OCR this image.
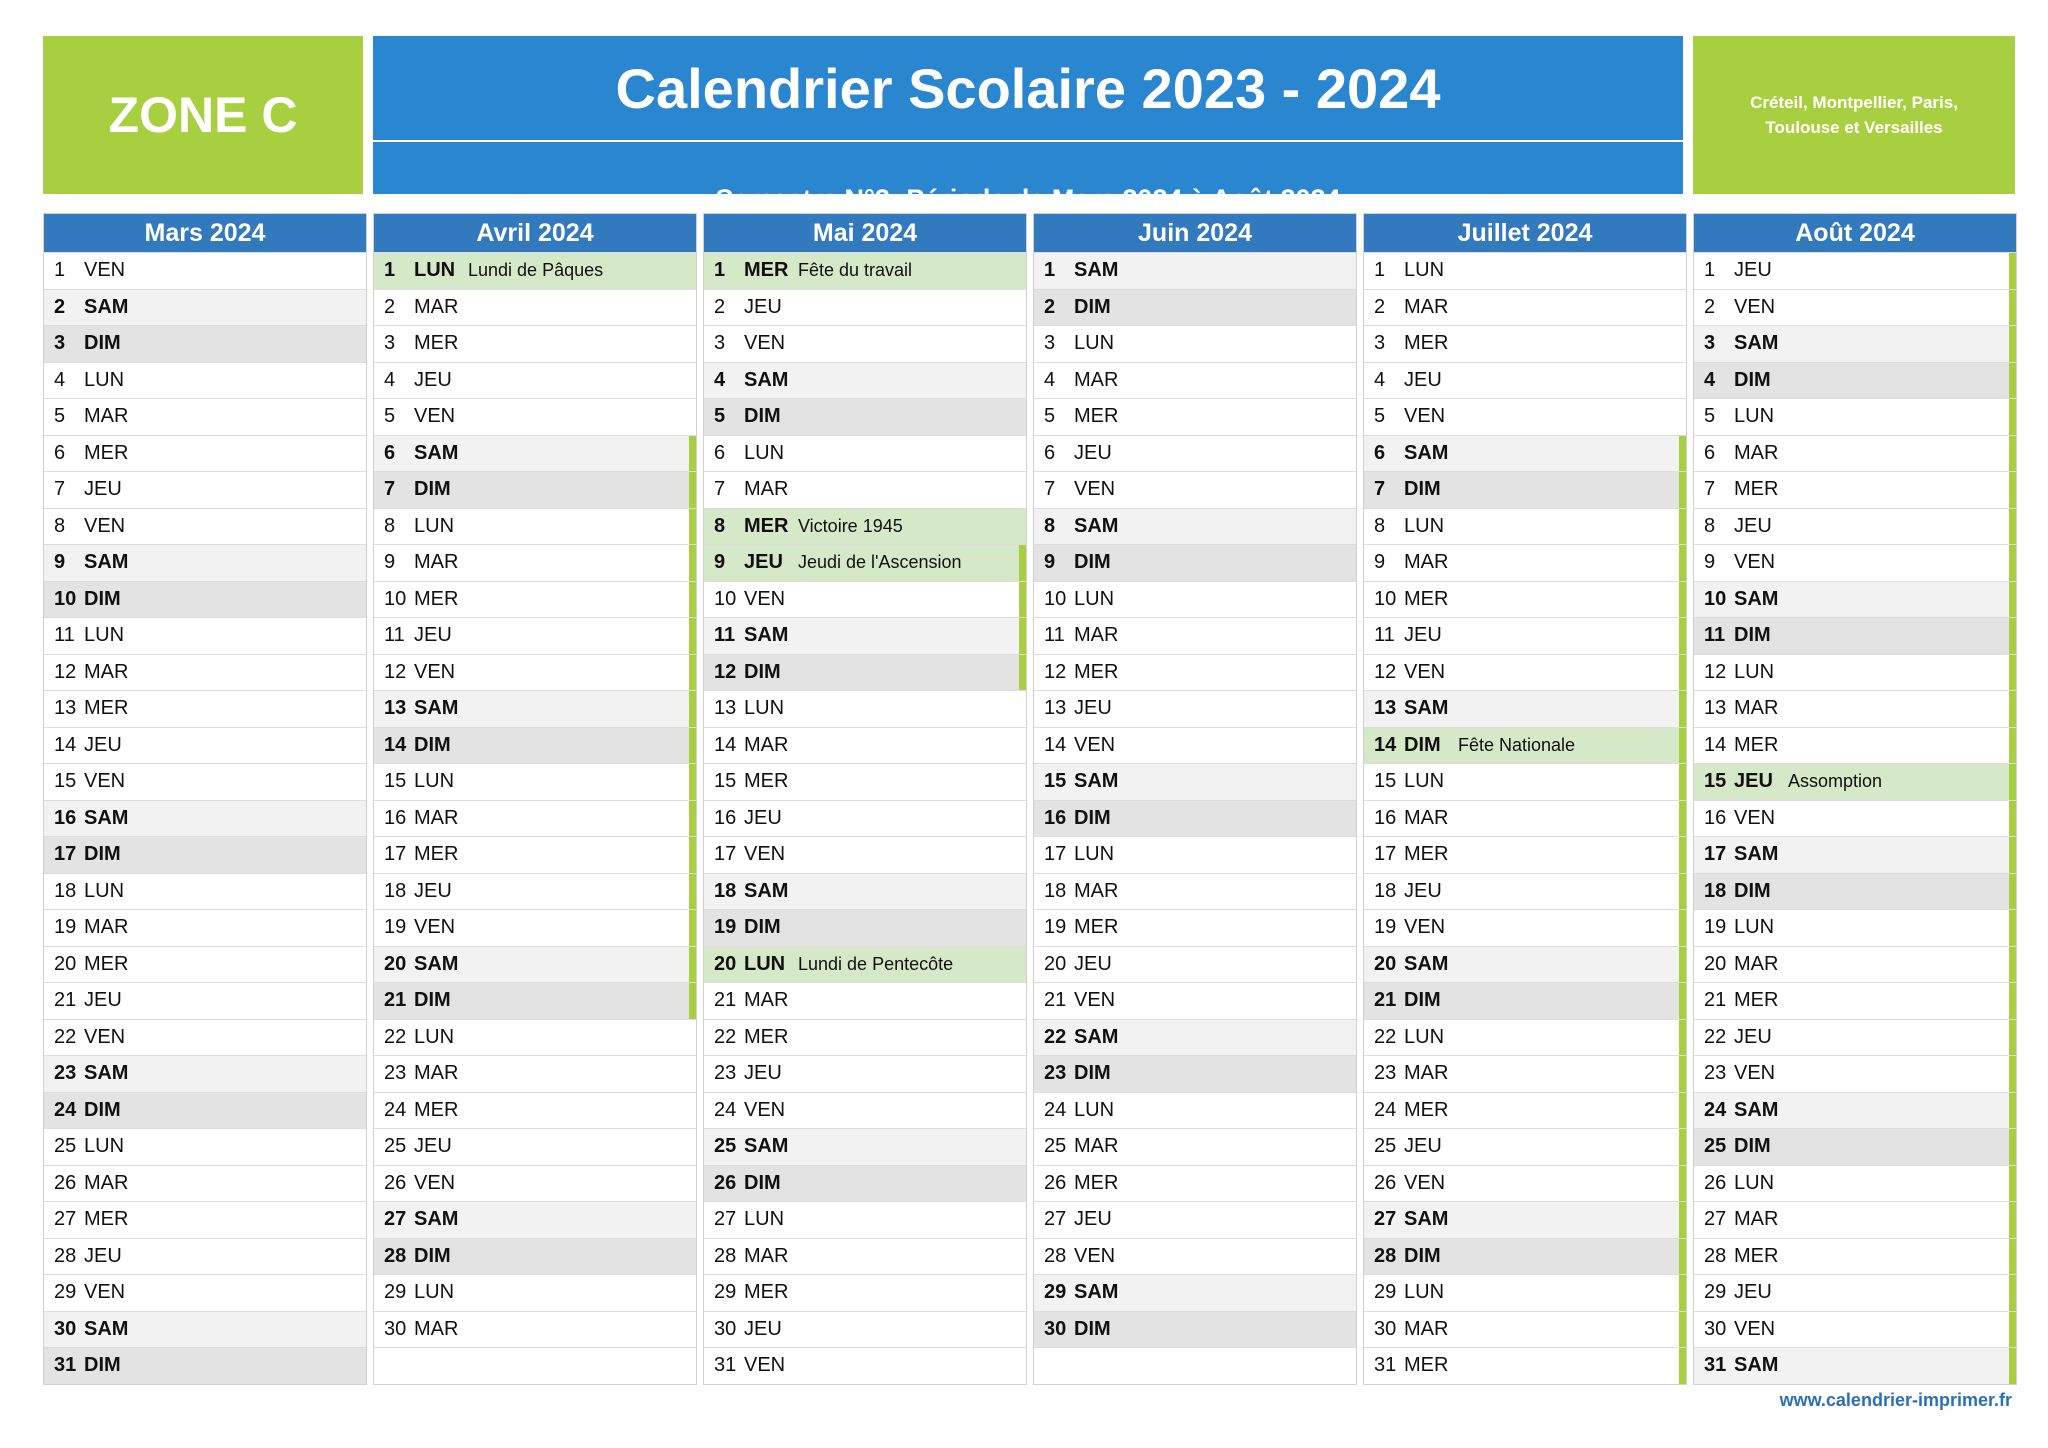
ZONE C	Calendrier Scolaire 2023 - 2024
Semestre N°2: Période de Mars 2024 à Août 2024
Créteil, Montpellier, Paris,
Toulouse et Versailles
Mars 2024
1 VEN
2 SAM
3 DIM
4 LUN
5 MAR
6 MER
7 JEU
8 VEN
9 SAM
10 DIM
11 LUN
12 MAR
13 MER
14 JEU
15 VEN
16 SAM
17 DIM
18 LUN
19 MAR
20 MER
21 JEU
22 VEN
23 SAM
24 DIM
25 LUN
26 MAR
27 MER
28 JEU
29 VEN
30 SAM
31 DIM
Avril 2024
1 LUN Lundi de Pâques
2 MAR
3 MER
4 JEU
5 VEN
6 SAM
7 DIM
8 LUN
9 MAR
10 MER
11 JEU
12 VEN
13 SAM
14 DIM
15 LUN
16 MAR
17 MER
18 JEU
19 VEN
20 SAM
21 DIM
22 LUN
23 MAR
24 MER
25 JEU
26 VEN
27 SAM
28 DIM
29 LUN
30 MAR
Mai 2024
1 MER Fête du travail
2 JEU
3 VEN
4 SAM
5 DIM
6 LUN
7 MAR
8 MER Victoire 1945
9 JEU Jeudi de l'Ascension
10 VEN
11 SAM
12 DIM
13 LUN
14 MAR
15 MER
16 JEU
17 VEN
18 SAM
19 DIM
20 LUN Lundi de Pentecôte
21 MAR
22 MER
23 JEU
24 VEN
25 SAM
26 DIM
27 LUN
28 MAR
29 MER
30 JEU
31 VEN
Juin 2024
1 SAM
2 DIM
3 LUN
4 MAR
5 MER
6 JEU
7 VEN
8 SAM
9 DIM
10 LUN
11 MAR
12 MER
13 JEU
14 VEN
15 SAM
16 DIM
17 LUN
18 MAR
19 MER
20 JEU
21 VEN
22 SAM
23 DIM
24 LUN
25 MAR
26 MER
27 JEU
28 VEN
29 SAM
30 DIM
Juillet 2024
1 LUN
2 MAR
3 MER
4 JEU
5 VEN
6 SAM
7 DIM
8 LUN
9 MAR
10 MER
11 JEU
12 VEN
13 SAM
14 DIM Fête Nationale
15 LUN
16 MAR
17 MER
18 JEU
19 VEN
20 SAM
21 DIM
22 LUN
23 MAR
24 MER
25 JEU
26 VEN
27 SAM
28 DIM
29 LUN
30 MAR
31 MER
Août 2024
1 JEU
2 VEN
3 SAM
4 DIM
5 LUN
6 MAR
7 MER
8 JEU
9 VEN
10 SAM
11 DIM
12 LUN
13 MAR
14 MER
15 JEU Assomption
16 VEN
17 SAM
18 DIM
19 LUN
20 MAR
21 MER
22 JEU
23 VEN
24 SAM
25 DIM
26 LUN
27 MAR
28 MER
29 JEU
30 VEN
31 SAM
www.calendrier-imprimer.fr
